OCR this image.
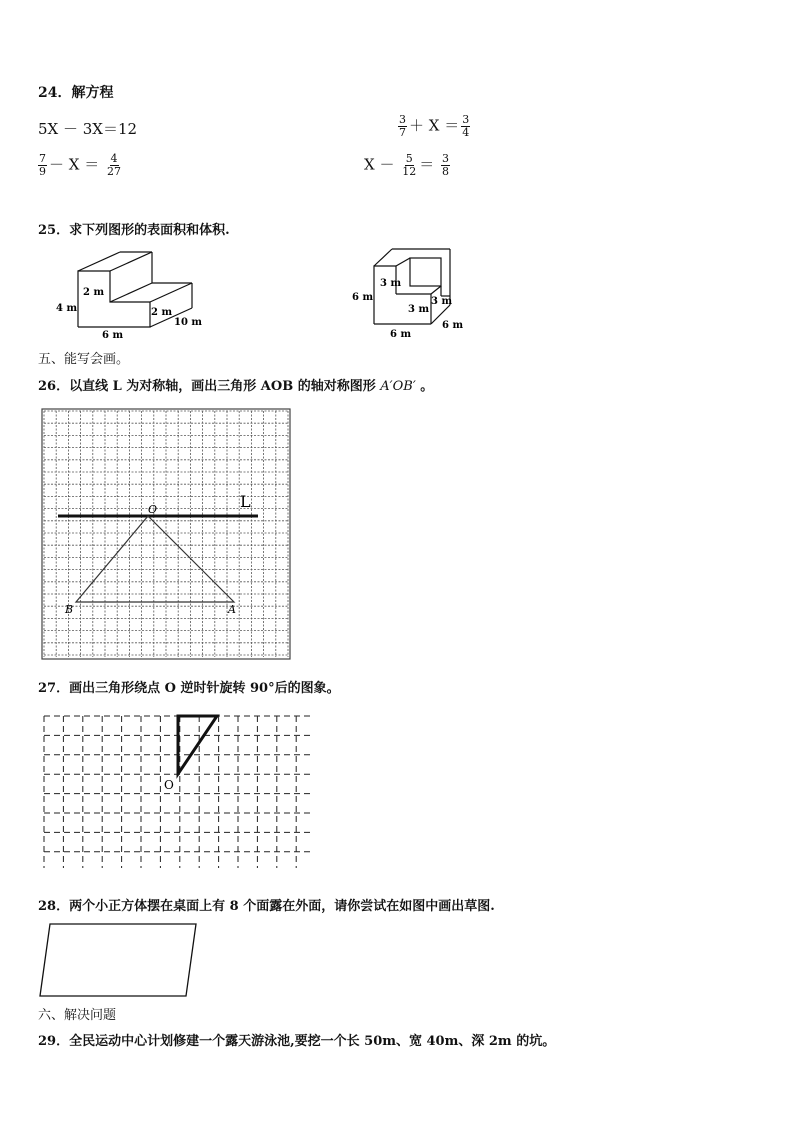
24．解方程
5X － 3X＝12	$\frac{3}{7} + X = \frac{3}{4}$
$\frac{7}{9} - X = \frac{4}{27}$	$X - \frac{5}{12} = \frac{3}{8}$
25．求下列图形的表面积和体积.
4 m
2 m
2 m
6 m
10 m
6 m
3 m
3 m
3 m
6 m
6 m
五、能写会画。
26．以直线 L 为对称轴，画出三角形 AOB 的轴对称图形 A′OB′ 。
L
O
A
B
27．画出三角形绕点 O 逆时针旋转 90°后的图象。
O
28．两个小正方体摆在桌面上有 8 个面露在外面，请你尝试在如图中画出草图.
六、解决问题
29．全民运动中心计划修建一个露天游泳池,要挖一个长 50m、宽 40m、深 2m 的坑。
